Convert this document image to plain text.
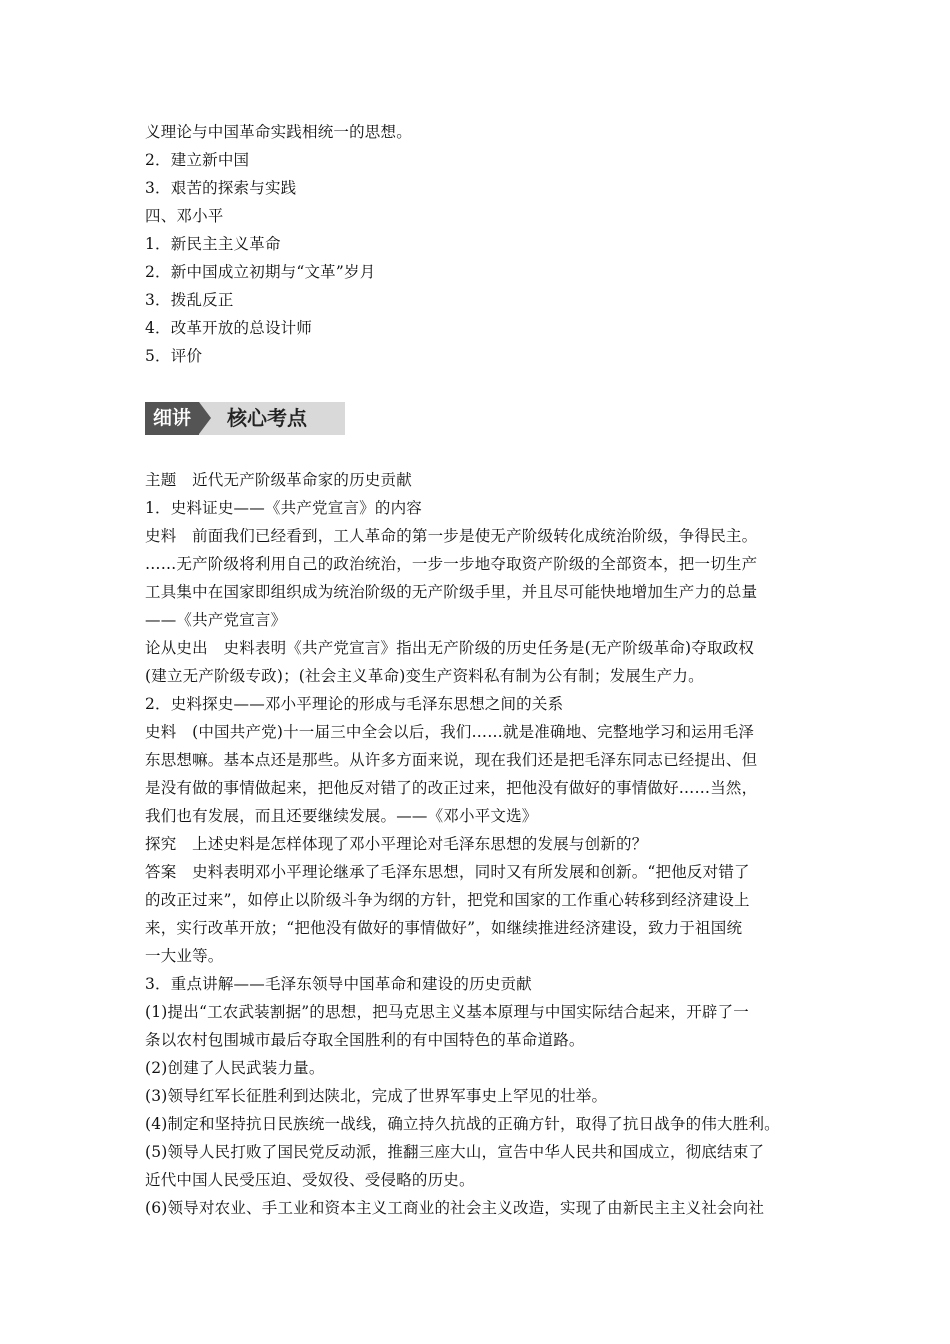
义理论与中国革命实践相统一的思想。
2．建立新中国
3．艰苦的探索与实践
四、邓小平
1．新民主主义革命
2．新中国成立初期与“文革”岁月
3．拨乱反正
4．改革开放的总设计师
5．评价
细讲	核心考点
主题　近代无产阶级革命家的历史贡献
1．史料证史——《共产党宣言》的内容
史料　前面我们已经看到，工人革命的第一步是使无产阶级转化成统治阶级，争得民主。
……无产阶级将利用自己的政治统治，一步一步地夺取资产阶级的全部资本，把一切生产
工具集中在国家即组织成为统治阶级的无产阶级手里，并且尽可能快地增加生产力的总量
——《共产党宣言》
论从史出　史料表明《共产党宣言》指出无产阶级的历史任务是(无产阶级革命)夺取政权
(建立无产阶级专政)；(社会主义革命)变生产资料私有制为公有制；发展生产力。
2．史料探史——邓小平理论的形成与毛泽东思想之间的关系
史料　(中国共产党)十一届三中全会以后，我们……就是准确地、完整地学习和运用毛泽
东思想嘛。基本点还是那些。从许多方面来说，现在我们还是把毛泽东同志已经提出、但
是没有做的事情做起来，把他反对错了的改正过来，把他没有做好的事情做好……当然，
我们也有发展，而且还要继续发展。——《邓小平文选》
探究　上述史料是怎样体现了邓小平理论对毛泽东思想的发展与创新的？
答案　史料表明邓小平理论继承了毛泽东思想，同时又有所发展和创新。“把他反对错了
的改正过来”，如停止以阶级斗争为纲的方针，把党和国家的工作重心转移到经济建设上
来，实行改革开放；“把他没有做好的事情做好”，如继续推进经济建设，致力于祖国统
一大业等。
3．重点讲解——毛泽东领导中国革命和建设的历史贡献
(1)提出“工农武装割据”的思想，把马克思主义基本原理与中国实际结合起来，开辟了一
条以农村包围城市最后夺取全国胜利的有中国特色的革命道路。
(2)创建了人民武装力量。
(3)领导红军长征胜利到达陕北，完成了世界军事史上罕见的壮举。
(4)制定和坚持抗日民族统一战线，确立持久抗战的正确方针，取得了抗日战争的伟大胜利。
(5)领导人民打败了国民党反动派，推翻三座大山，宣告中华人民共和国成立，彻底结束了
近代中国人民受压迫、受奴役、受侵略的历史。
(6)领导对农业、手工业和资本主义工商业的社会主义改造，实现了由新民主主义社会向社
